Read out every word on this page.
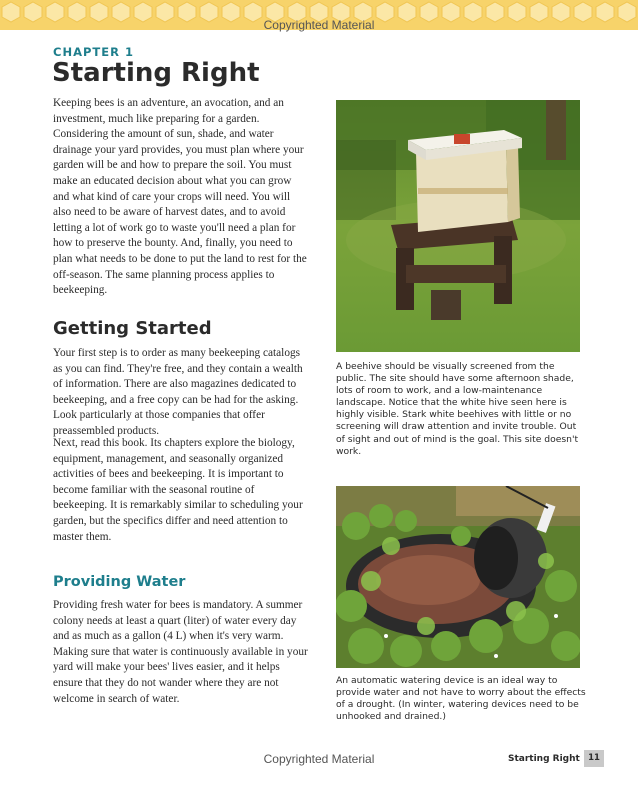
Copyrighted Material
CHAPTER 1
Starting Right

Keeping bees is an adventure, an avocation, and an investment, much like preparing for a garden. Considering the amount of sun, shade, and water drainage your yard provides, you must plan where your garden will be and how to prepare the soil. You must make an educated decision about what you can grow and what kind of care your crops will need. You will also need to be aware of harvest dates, and to avoid letting a lot of work go to waste you'll need a plan for how to preserve the bounty. And, finally, you need to plan what needs to be done to put the land to rest for the off-season. The same planning process applies to beekeeping.

Getting Started

Your first step is to order as many beekeeping catalogs as you can find. They're free, and they contain a wealth of information. There are also magazines dedicated to beekeeping, and a free copy can be had for the asking. Look particularly at those companies that offer preassembled products.

Next, read this book. Its chapters explore the biology, equipment, management, and seasonally organized activities of bees and beekeeping. It is important to become familiar with the seasonal routine of beekeeping. It is remarkably similar to scheduling your garden, but the specifics differ and need attention to master them.

Providing Water

Providing fresh water for bees is mandatory. A summer colony needs at least a quart (liter) of water every day and as much as a gallon (4 L) when it's very warm. Making sure that water is continuously available in your yard will make your bees' lives easier, and it helps ensure that they do not wander where they are not welcome in search of water.

A beehive should be visually screened from the public. The site should have some afternoon shade, lots of room to work, and a low-maintenance landscape. Notice that the white hive seen here is highly visible. Stark white beehives with little or no screening will draw attention and invite trouble. Out of sight and out of mind is the goal. This site doesn't work.
An automatic watering device is an ideal way to provide water and not have to worry about the effects of a drought. (In winter, watering devices need to be unhooked and drained.)
Copyrighted Material	Starting Right 11
